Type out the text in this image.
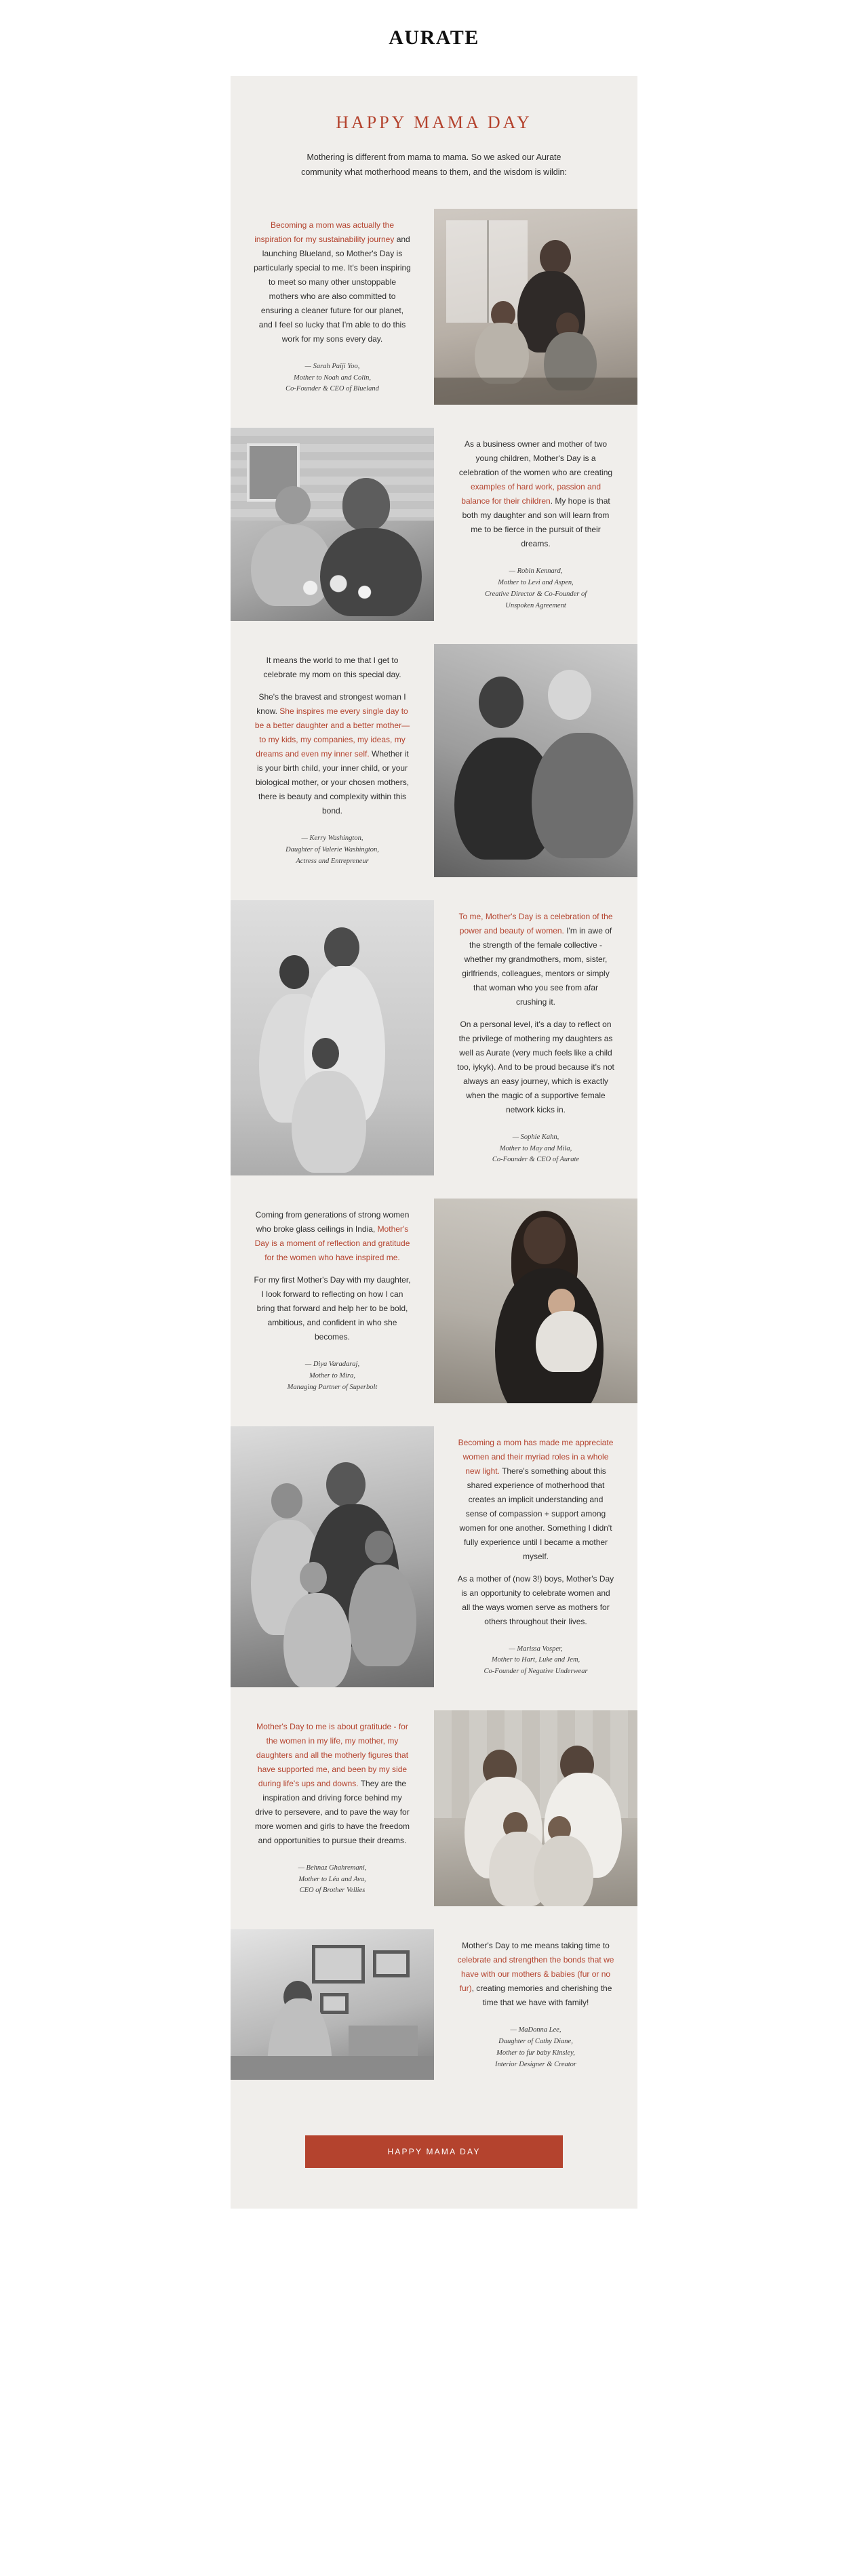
AURATE
HAPPY MAMA DAY
Mothering is different from mama to mama. So we asked our Aurate community what motherhood means to them, and the wisdom is wildin:

Becoming a mom was actually the inspiration for my sustainability journey and launching Blueland, so Mother's Day is particularly special to me. It's been inspiring to meet so many other unstoppable mothers who are also committed to ensuring a cleaner future for our planet, and I feel so lucky that I'm able to do this work for my sons every day.

— Sarah Paiji Yoo,
Mother to Noah and Colin,
Co-Founder & CEO of Blueland

As a business owner and mother of two young children, Mother's Day is a celebration of the women who are creating examples of hard work, passion and balance for their children. My hope is that both my daughter and son will learn from me to be fierce in the pursuit of their dreams.

— Robin Kennard,
Mother to Levi and Aspen,
Creative Director & Co-Founder of
Unspoken Agreement

It means the world to me that I get to celebrate my mom on this special day.

She's the bravest and strongest woman I know. She inspires me every single day to be a better daughter and a better mother—to my kids, my companies, my ideas, my dreams and even my inner self. Whether it is your birth child, your inner child, or your biological mother, or your chosen mothers, there is beauty and complexity within this bond.

— Kerry Washington,
Daughter of Valerie Washington,
Actress and Entrepreneur

To me, Mother's Day is a celebration of the power and beauty of women. I'm in awe of the strength of the female collective - whether my grandmothers, mom, sister, girlfriends, colleagues, mentors or simply that woman who you see from afar crushing it.

On a personal level, it's a day to reflect on the privilege of mothering my daughters as well as Aurate (very much feels like a child too, iykyk). And to be proud because it's not always an easy journey, which is exactly when the magic of a supportive female network kicks in.

— Sophie Kahn,
Mother to May and Mila,
Co-Founder & CEO of Aurate

Coming from generations of strong women who broke glass ceilings in India, Mother's Day is a moment of reflection and gratitude for the women who have inspired me.

For my first Mother's Day with my daughter, I look forward to reflecting on how I can bring that forward and help her to be bold, ambitious, and confident in who she becomes.

— Diya Varadaraj,
Mother to Mira,
Managing Partner of Superbolt

Becoming a mom has made me appreciate women and their myriad roles in a whole new light. There's something about this shared experience of motherhood that creates an implicit understanding and sense of compassion + support among women for one another. Something I didn't fully experience until I became a mother myself.

As a mother of (now 3!) boys, Mother's Day is an opportunity to celebrate women and all the ways women serve as mothers for others throughout their lives.

— Marissa Vosper,
Mother to Hart, Luke and Jem,
Co-Founder of Negative Underwear

Mother's Day to me is about gratitude - for the women in my life, my mother, my daughters and all the motherly figures that have supported me, and been by my side during life's ups and downs. They are the inspiration and driving force behind my drive to persevere, and to pave the way for more women and girls to have the freedom and opportunities to pursue their dreams.

— Behnaz Ghahremani,
Mother to Léa and Ava,
CEO of Brother Vellies

Mother's Day to me means taking time to celebrate and strengthen the bonds that we have with our mothers & babies (fur or no fur), creating memories and cherishing the time that we have with family!

— MaDonna Lee,
Daughter of Cathy Diane,
Mother to fur baby Kinsley,
Interior Designer & Creator
HAPPY MAMA DAY
